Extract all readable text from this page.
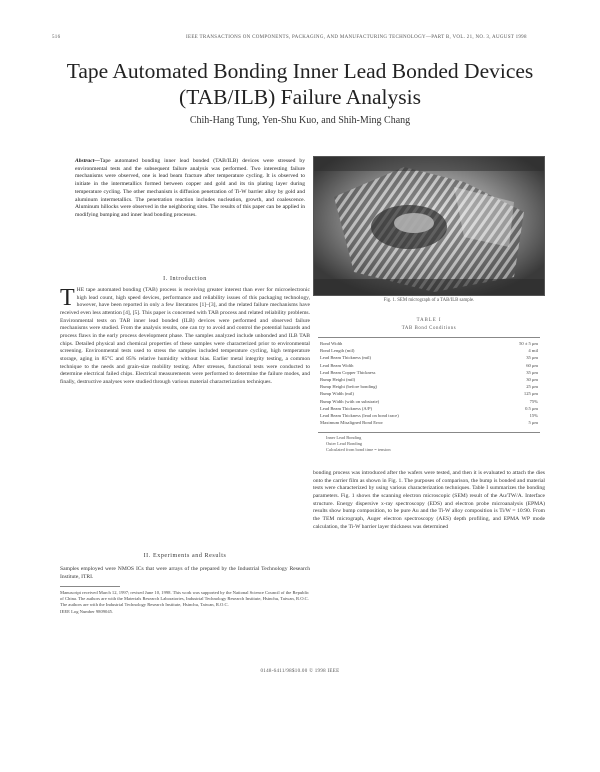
516	IEEE TRANSACTIONS ON COMPONENTS, PACKAGING, AND MANUFACTURING TECHNOLOGY—PART B, VOL. 21, NO. 3, AUGUST 1998
Tape Automated Bonding Inner Lead Bonded Devices (TAB/ILB) Failure Analysis
Chih-Hang Tung, Yen-Shu Kuo, and Shih-Ming Chang
Abstract—Tape automated bonding inner lead bonded (TAB/ILB) devices were stressed by environmental tests and the subsequent failure analysis was performed. Two interesting failure mechanisms were observed, one is lead beam fracture after temperature cycling. It is observed to initiate in the intermetallics formed between copper and gold and its tin plating layer during temperature cycling. The other mechanism is diffusion penetration of Ti-W barrier alloy by gold and aluminum intermetallics. The penetration reaction includes nucleation, growth, and coalescence. Aluminum hillocks were observed in the neighboring sites. The results of this paper can be applied in modifying bumping and inner lead bonding processes.
I. Introduction
THE tape automated bonding (TAB) process is receiving greater interest than ever for microelectronic high lead count, high speed devices, performance and reliability issues of this packaging technology, however, have been reported in only a few literatures [1]–[3], and the related failure mechanisms have received even less attention [4], [5]. This paper is concerned with TAB process and related reliability problems. Environmental tests on TAB inner lead bonded (ILB) devices were performed and observed failure mechanisms were studied. From the analysis results, one can try to avoid and control the potential hazards and process flaws in the early process development phase. The samples analyzed include unbonded and ILB TAB chips. Detailed physical and chemical properties of these samples were characterized prior to environmental screening. Environmental tests used to stress the samples included temperature cycling, high temperature storage, aging in 85°C and 85% relative humidity without bias. Earlier metal integrity testing, a common technique to the needs and grain-size mobility testing. After stresses, functional tests were conducted to determine electrical failed chips. Electrical measurements were performed to determine the failure modes, and finally, destructive analyses were studied through various material characterization techniques.
II. Experiments and Results
Samples employed were NMOS ICs that were arrays of the prepared by the Industrial Technology Research Institute, ITRI.
Manuscript received March 12, 1997; revised June 10, 1998. This work was supported by the National Science Council of the Republic of China. The authors are with the Materials Research Laboratories, Industrial Technology Research Institute, Hsinchu, Taiwan, R.O.C.
The authors are with the Industrial Technology Research Institute, Hsinchu, Taiwan, R.O.C.
IEEE Log Number 9809045.
Fig. 1. SEM micrograph of a TAB/ILB sample.
TABLE I
TAB Bond Conditions
Bond Width	50 ± 5 μm
Bond Length (mil)	4 mil
Lead Beam Thickness (mil)	35 μm
Lead Beam Width	60 μm
Lead Beam Copper Thickness	35 μm
Bump Height (mil)	30 μm
Bump Height (before bonding)	25 μm
Bump Width (mil)	125 μm
Bump Width (with on substrate)	75%
Lead Beam Thickness (A/P)	0.5 μm
Lead Beam Thickness (lead on bond trace)	15%
Maximum Misaligned Bond Error	5 μm
Inner Lead Bonding
Outer Lead Bonding
Calculated from bond time = tension
bonding process was introduced after the wafers were tested, and then it is evaluated to attach the dies onto the carrier film as shown in Fig. 1. The purposes of comparison, the bump is bonded and material tests were characterized by using various characterization techniques. Table I summarizes the bonding parameters. Fig. 1 shows the scanning electron microscopic (SEM) result of the Au/TW/A. Interface structure. Energy dispersive x-ray spectroscopy (EDS) and electron probe microanalysis (EPMA) results show bump composition, to be pure Au and the Ti-W alloy composition is Ti/W = 10:90. From the TEM micrograph, Auger electron spectroscopy (AES) depth profiling, and EPMA WP mode calculation, the Ti-W barrier layer thickness was determined
0148-6411/98$10.00 © 1998 IEEE
